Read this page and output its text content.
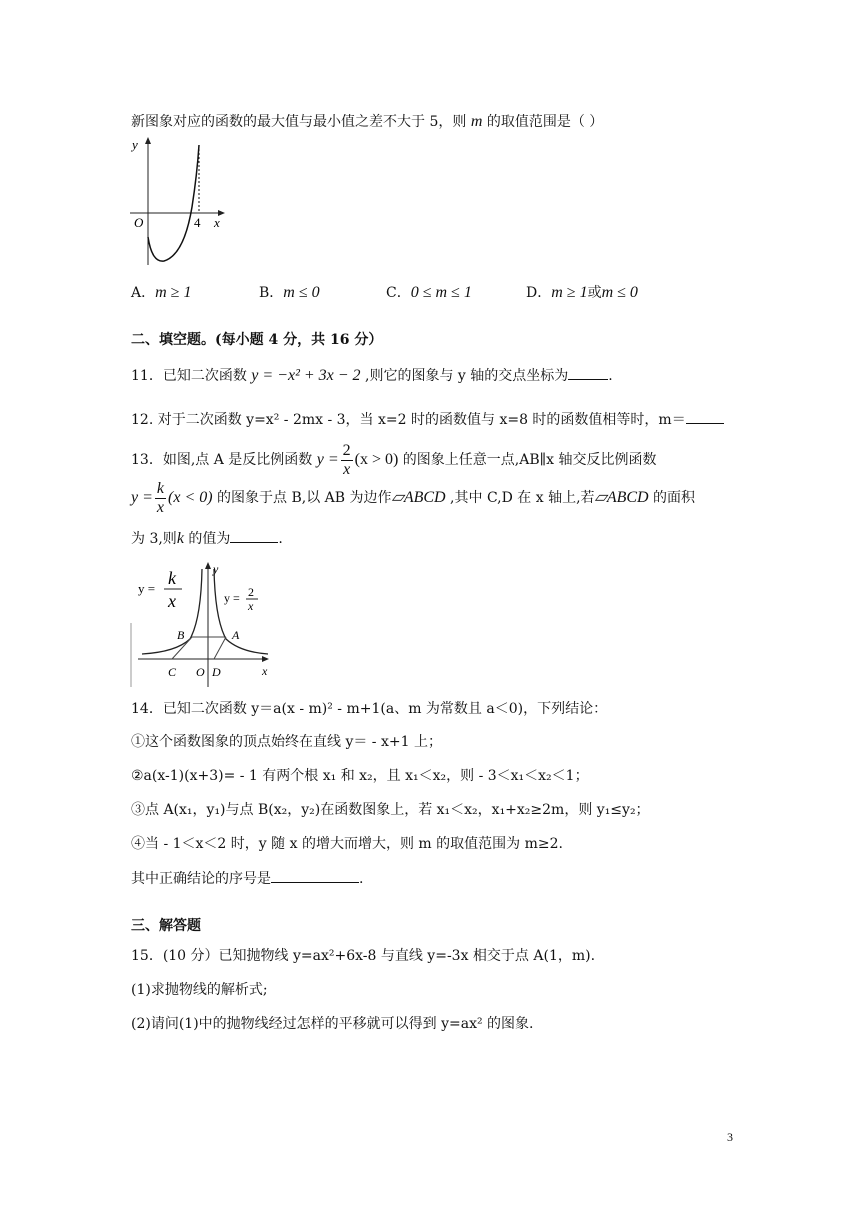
新图象对应的函数的最大值与最小值之差不大于 5，则 m 的取值范围是（ ）
y
O	4 x
A．m ≥ 1	B．m ≤ 0	C．0 ≤ m ≤ 1	D．m ≥ 1或m ≤ 0
二、填空题。(每小题 4 分，共 16 分）
11．已知二次函数 y = −x² + 3x − 2 ,则它的图象与 y 轴的交点坐标为	.
12. 对于二次函数 y=x² ‑ 2mx ‑ 3，当 x=2 时的函数值与 x=8 时的函数值相等时，m＝
13．如图,点 A 是反比例函数 $y = \frac{2}{x} (x > 0)$ 的图象上任意一点,AB∥x 轴交反比例函数
$y = \frac{k}{x} (x < 0)$ 的图象于点 B,以 AB 为边作▱ABCD ,其中 C,D 在 x 轴上,若▱ABCD 的面积
为 3,则k 的值为	.
y =
k
x	y = 2
x
y
x
B	A
C O D
14．已知二次函数 y＝a(x ‑ m)² ‑ m+1(a、m 为常数且 a＜0)，下列结论：
①这个函数图象的顶点始终在直线 y＝ ‑ x+1 上；
②a(x-1)(x+3)= ‑ 1 有两个根 x₁ 和 x₂，且 x₁＜x₂，则 ‑ 3＜x₁＜x₂＜1；
③点 A(x₁，y₁)与点 B(x₂，y₂)在函数图象上，若 x₁＜x₂，x₁+x₂≥2m，则 y₁≤y₂；
④当 ‑ 1＜x＜2 时，y 随 x 的增大而增大，则 m 的取值范围为 m≥2.
其中正确结论的序号是	.
三、解答题
15．(10 分）已知抛物线 y=ax²+6x-8 与直线 y=-3x 相交于点 A(1，m).
(1)求抛物线的解析式;
(2)请问(1)中的抛物线经过怎样的平移就可以得到 y=ax² 的图象.
3
